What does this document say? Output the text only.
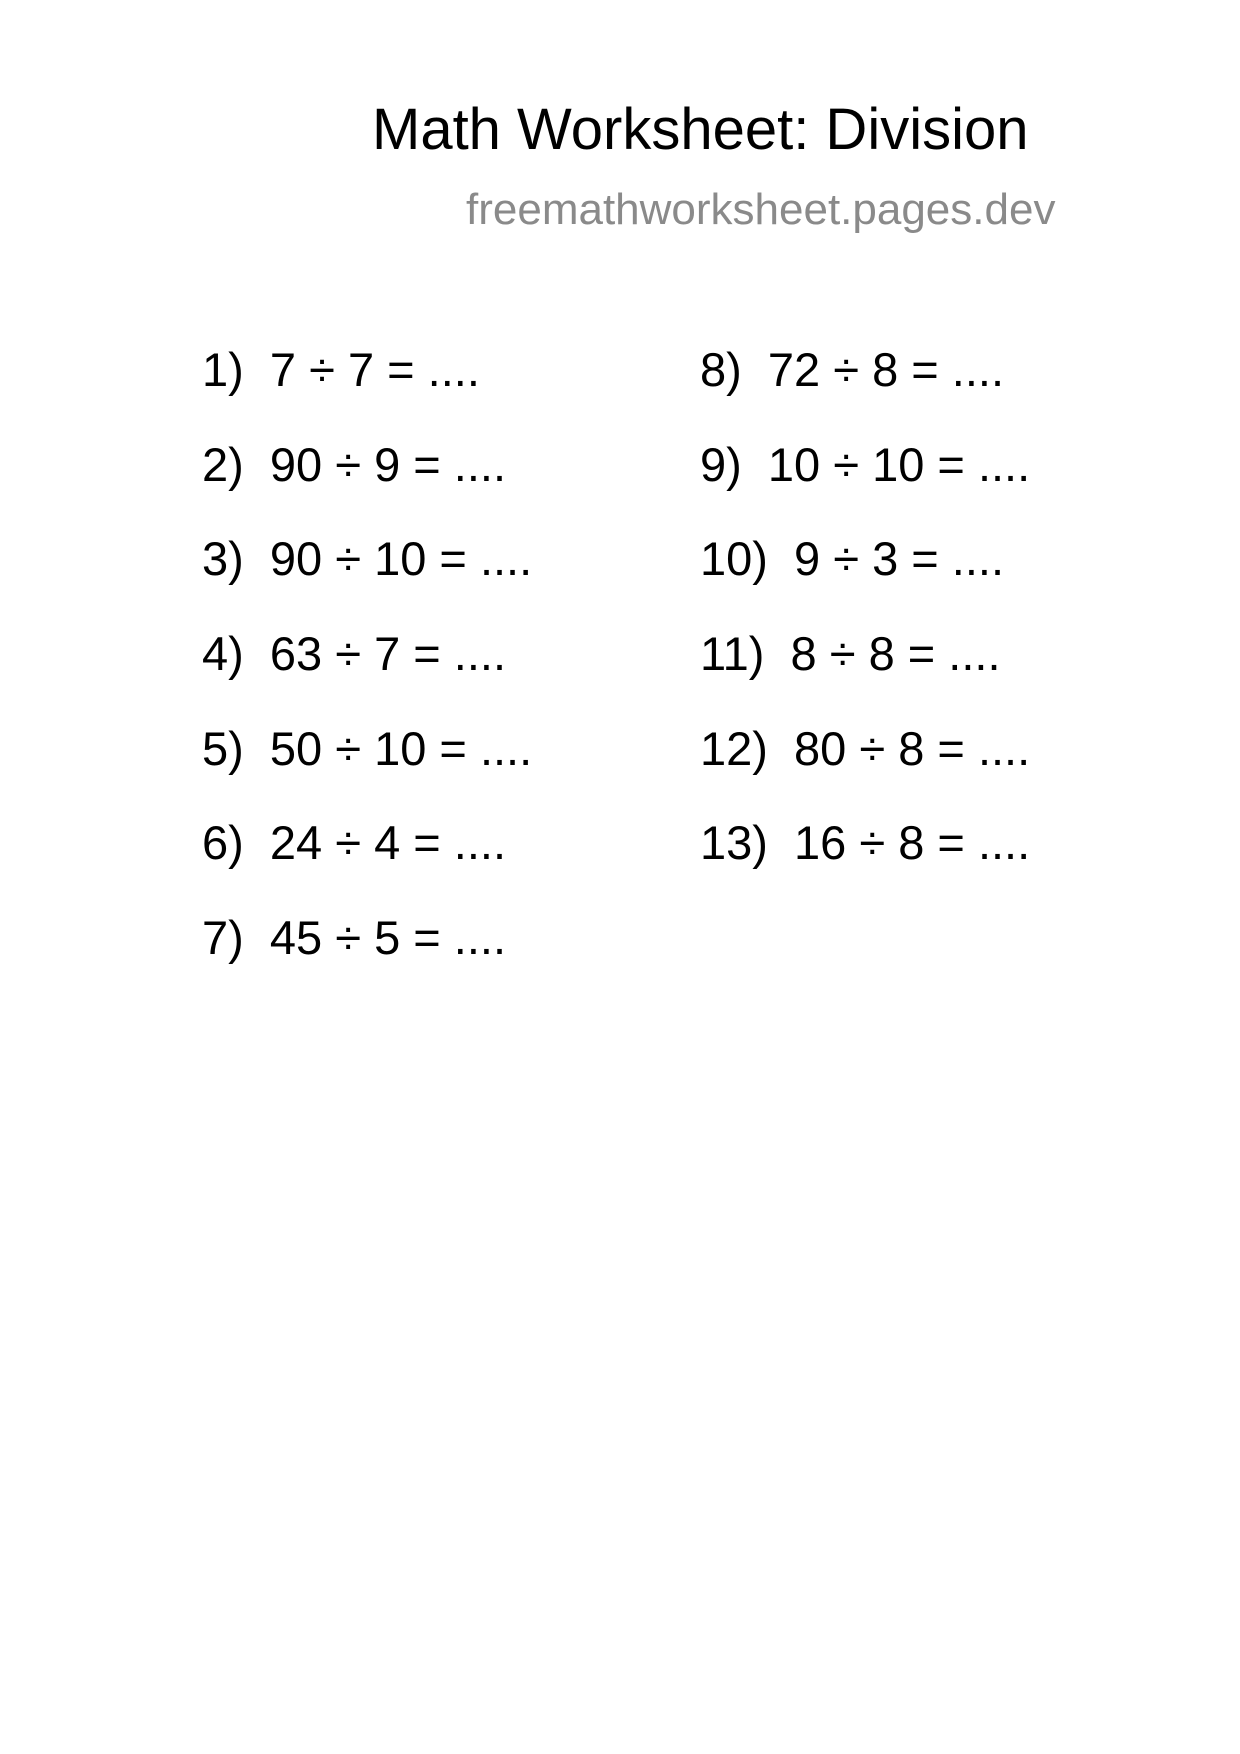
Math Worksheet: Division
freemathworksheet.pages.dev
1)  7 ÷ 7 = ....
2)  90 ÷ 9 = ....
3)  90 ÷ 10 = ....
4)  63 ÷ 7 = ....
5)  50 ÷ 10 = ....
6)  24 ÷ 4 = ....
7)  45 ÷ 5 = ....
8)  72 ÷ 8 = ....
9)  10 ÷ 10 = ....
10)  9 ÷ 3 = ....
11)  8 ÷ 8 = ....
12)  80 ÷ 8 = ....
13)  16 ÷ 8 = ....
